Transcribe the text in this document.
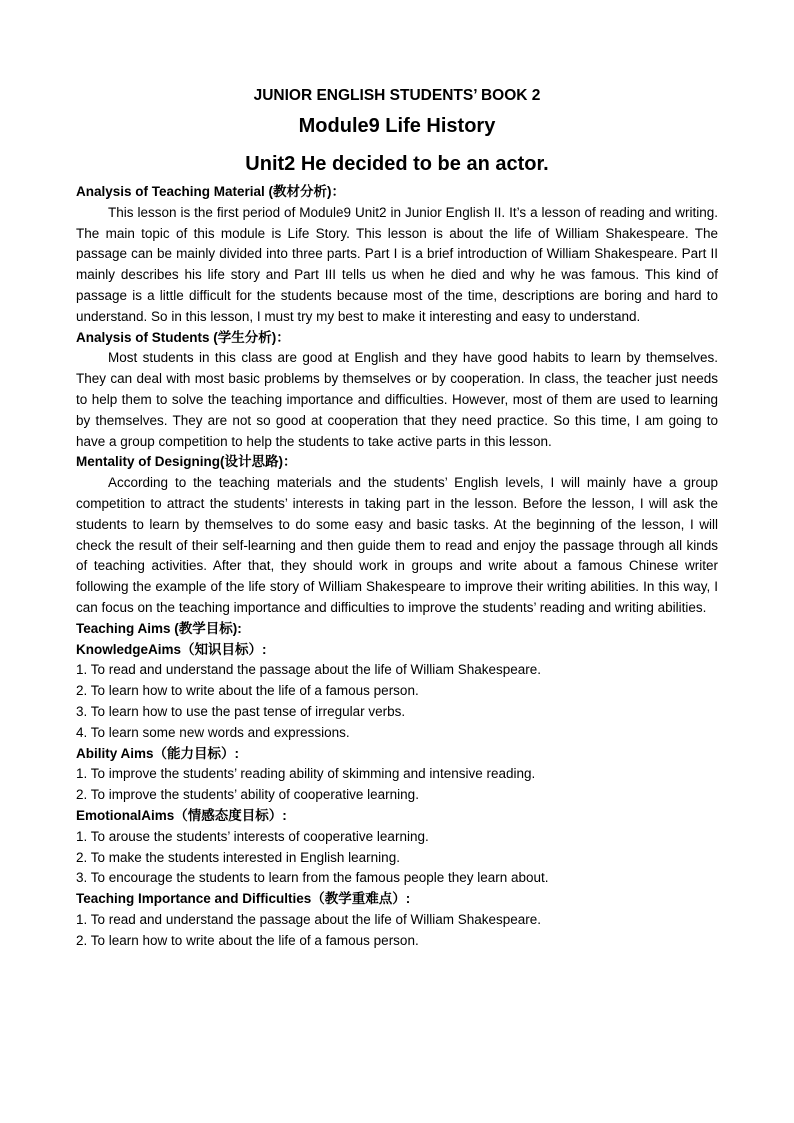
JUNIOR ENGLISH STUDENTS’ BOOK 2
Module9 Life History
Unit2 He decided to be an actor.
Analysis of Teaching Material (教材分析)：

This lesson is the first period of Module9 Unit2 in Junior English II. It’s a lesson of reading and writing. The main topic of this module is Life Story. This lesson is about the life of William Shakespeare. The passage can be mainly divided into three parts. Part I is a brief introduction of William Shakespeare. Part II mainly describes his life story and Part III tells us when he died and why he was famous. This kind of passage is a little difficult for the students because most of the time, descriptions are boring and hard to understand. So in this lesson, I must try my best to make it interesting and easy to understand.

Analysis of Students (学生分析)：

Most students in this class are good at English and they have good habits to learn by themselves. They can deal with most basic problems by themselves or by cooperation. In class, the teacher just needs to help them to solve the teaching importance and difficulties. However, most of them are used to learning by themselves. They are not so good at cooperation that they need practice. So this time, I am going to have a group competition to help the students to take active parts in this lesson.

Mentality of Designing(设计思路)：

According to the teaching materials and the students’ English levels, I will mainly have a group competition to attract the students’ interests in taking part in the lesson. Before the lesson, I will ask the students to learn by themselves to do some easy and basic tasks. At the beginning of the lesson, I will check the result of their self-learning and then guide them to read and enjoy the passage through all kinds of teaching activities. After that, they should work in groups and write about a famous Chinese writer following the example of the life story of William Shakespeare to improve their writing abilities. In this way, I can focus on the teaching importance and difficulties to improve the students’ reading and writing abilities.

Teaching Aims (教学目标):
KnowledgeAims（知识目标）:
1. To read and understand the passage about the life of William Shakespeare.
2. To learn how to write about the life of a famous person.
3. To learn how to use the past tense of irregular verbs.
4. To learn some new words and expressions.
Ability Aims（能力目标）:
1. To improve the students’ reading ability of skimming and intensive reading.
2. To improve the students’ ability of cooperative learning.
EmotionalAims（情感态度目标）:
1. To arouse the students’ interests of cooperative learning.
2. To make the students interested in English learning.
3. To encourage the students to learn from the famous people they learn about.
Teaching Importance and Difficulties（教学重难点）:
1. To read and understand the passage about the life of William Shakespeare.
2. To learn how to write about the life of a famous person.
